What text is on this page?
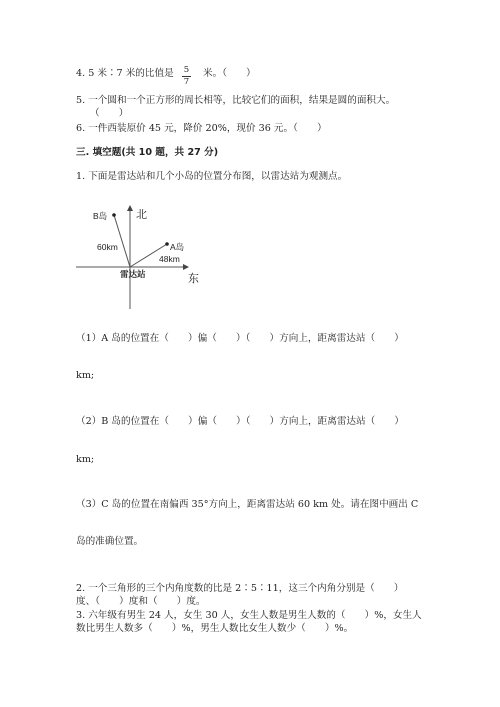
4. 5 米∶7 米的比值是 5
7
米。（　　）
5. 一个圆和一个正方形的周长相等，比较它们的面积，结果是圆的面积大。
（　　）
6. 一件西装原价 45 元，降价 20%，现价 36 元。（　　）
三. 填空题(共 10 题，共 27 分)
1. 下面是雷达站和几个小岛的位置分布图，以雷达站为观测点。
北
东
B岛
A岛
60km
48km
雷达站
（1）A 岛的位置在（　　）偏（　　）（　　）方向上，距离雷达站（　　）
km;
（2）B 岛的位置在（　　）偏（　　）（　　）方向上，距离雷达站（　　）
km;
（3）C 岛的位置在南偏西 35°方向上，距离雷达站 60 km 处。请在图中画出 C
岛的准确位置。
2. 一个三角形的三个内角度数的比是 2∶5∶11，这三个内角分别是（　　）
度、（　　）度和（　　）度。
3. 六年级有男生 24 人，女生 30 人，女生人数是男生人数的（　　）%，女生人
数比男生人数多（　　）%，男生人数比女生人数少（　　）%。
